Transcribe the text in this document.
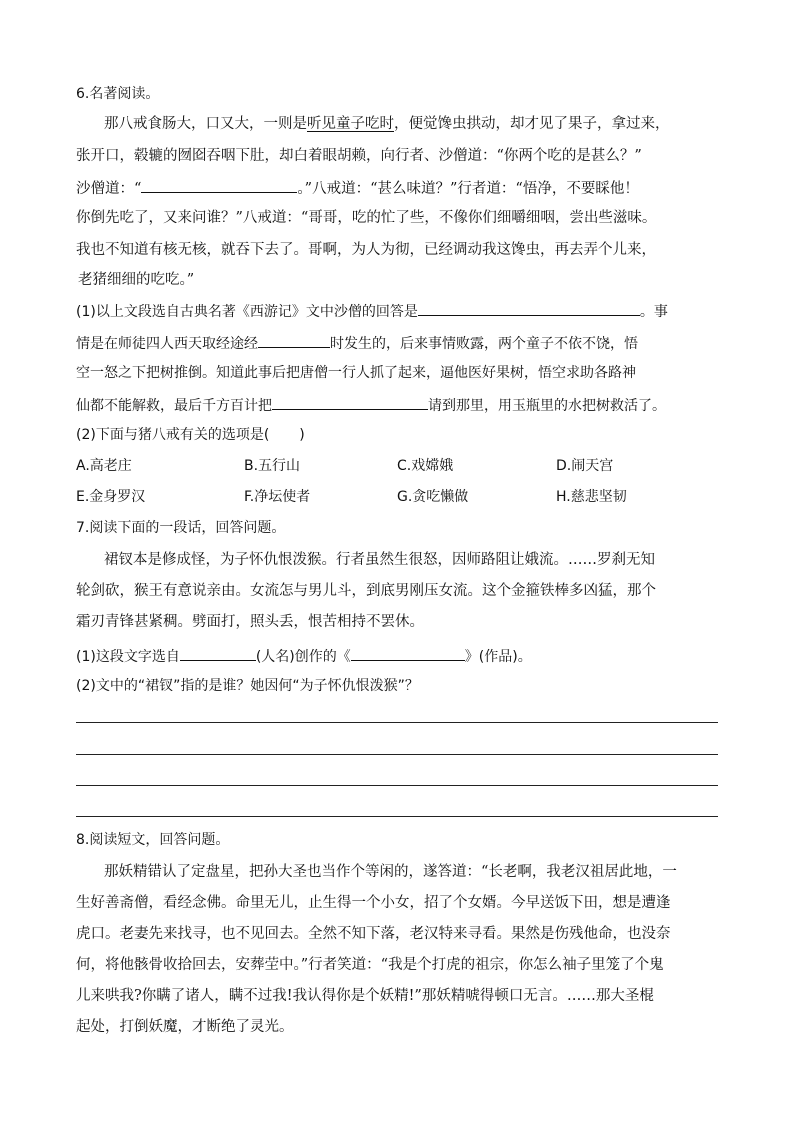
6.名著阅读。
那八戒食肠大，口又大，一则是听见童子吃时，便觉馋虫拱动，却才见了果子，拿过来，
张开口，毂辘的囫囵吞咽下肚，却白着眼胡赖，向行者、沙僧道：“你两个吃的是甚么？”
沙僧道：“	。”八戒道：“甚么味道？”行者道：“悟净，不要睬他！
你倒先吃了，又来问谁？”八戒道：“哥哥，吃的忙了些，不像你们细嚼细咽，尝出些滋味。
我也不知道有核无核，就吞下去了。哥啊，为人为彻，已经调动我这馋虫，再去弄个儿来，
老猪细细的吃吃。”
(1)以上文段选自古典名著《西游记》文中沙僧的回答是	。事
情是在师徒四人西天取经途经	时发生的，后来事情败露，两个童子不依不饶，悟
空一怒之下把树推倒。知道此事后把唐僧一行人抓了起来，逼他医好果树，悟空求助各路神
仙都不能解救，最后千方百计把	请到那里，用玉瓶里的水把树救活了。
(2)下面与猪八戒有关的选项是( )
A.高老庄	B.五行山	C.戏嫦娥	D.闹天宫
E.金身罗汉	F.净坛使者	G.贪吃懒做	H.慈悲坚韧
7.阅读下面的一段话，回答问题。
裙钗本是修成怪，为子怀仇恨泼猴。行者虽然生很怒，因师路阻让娥流。……罗刹无知
轮剑砍，猴王有意说亲由。女流怎与男儿斗，到底男刚压女流。这个金箍铁棒多凶猛，那个
霜刃青锋甚紧稠。劈面打，照头丢，恨苦相持不罢休。
(1)这段文字选自	(人名)创作的《	》(作品)。
(2)文中的“裙钗”指的是谁？她因何“为子怀仇恨泼猴”？
8.阅读短文，回答问题。
那妖精错认了定盘星，把孙大圣也当作个等闲的，遂答道：“长老啊，我老汉祖居此地，一
生好善斋僧，看经念佛。命里无儿，止生得一个小女，招了个女婿。今早送饭下田，想是遭逢
虎口。老妻先来找寻，也不见回去。全然不知下落，老汉特来寻看。果然是伤残他命，也没奈
何，将他骸骨收拾回去，安葬茔中。”行者笑道：“我是个打虎的祖宗，你怎么袖子里笼了个鬼
儿来哄我?你瞒了诸人，瞒不过我!我认得你是个妖精!”那妖精唬得顿口无言。……那大圣棍
起处，打倒妖魔，才断绝了灵光。
